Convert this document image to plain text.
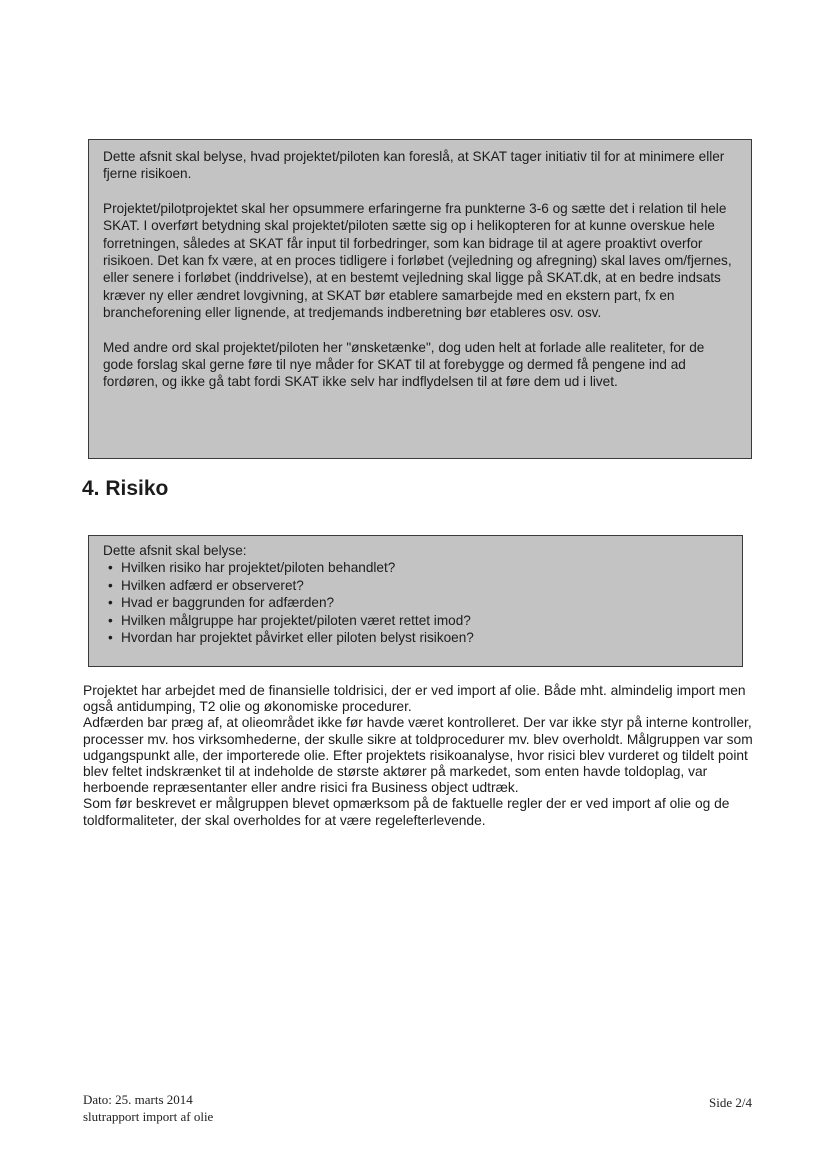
Dette afsnit skal belyse, hvad projektet/piloten kan foreslå, at SKAT tager initiativ til for at minimere eller fjerne risikoen.

Projektet/pilotprojektet skal her opsummere erfaringerne fra punkterne 3-6 og sætte det i relation til hele SKAT. I overført betydning skal projektet/piloten sætte sig op i helikopteren for at kunne overskue hele forretningen, således at SKAT får input til forbedringer, som kan bidrage til at agere proaktivt overfor risikoen. Det kan fx være, at en proces tidligere i forløbet (vejledning og afregning) skal laves om/fjernes, eller senere i forløbet (inddrivelse), at en bestemt vejledning skal ligge på SKAT.dk, at en bedre indsats kræver ny eller ændret lovgivning, at SKAT bør etablere samarbejde med en ekstern part, fx en brancheforening eller lignende, at tredjemands indberetning bør etableres osv. osv.

Med andre ord skal projektet/piloten her "ønsketænke", dog uden helt at forlade alle realiteter, for de gode forslag skal gerne føre til nye måder for SKAT til at forebygge og dermed få pengene ind ad fordøren, og ikke gå tabt fordi SKAT ikke selv har indflydelsen til at føre dem ud i livet.

4. Risiko
Dette afsnit skal belyse:
• Hvilken risiko har projektet/piloten behandlet?
• Hvilken adfærd er observeret?
• Hvad er baggrunden for adfærden?
• Hvilken målgruppe har projektet/piloten været rettet imod?
• Hvordan har projektet påvirket eller piloten belyst risikoen?

Projektet har arbejdet med de finansielle toldrisici, der er ved import af olie. Både mht. almindelig import men også antidumping, T2 olie og økonomiske procedurer.

Adfærden bar præg af, at olieområdet ikke før havde været kontrolleret. Der var ikke styr på interne kontroller, processer mv. hos virksomhederne, der skulle sikre at toldprocedurer mv. blev overholdt. Målgruppen var som udgangspunkt alle, der importerede olie. Efter projektets risikoanalyse, hvor risici blev vurderet og tildelt point blev feltet indskrænket til at indeholde de største aktører på markedet, som enten havde toldoplag, var herboende repræsentanter eller andre risici fra Business object udtræk.

Som før beskrevet er målgruppen blevet opmærksom på de faktuelle regler der er ved import af olie og de toldformaliteter, der skal overholdes for at være regelefterlevende.

Dato: 25. marts 2014
slutrapport import af olie
Side 2/4
